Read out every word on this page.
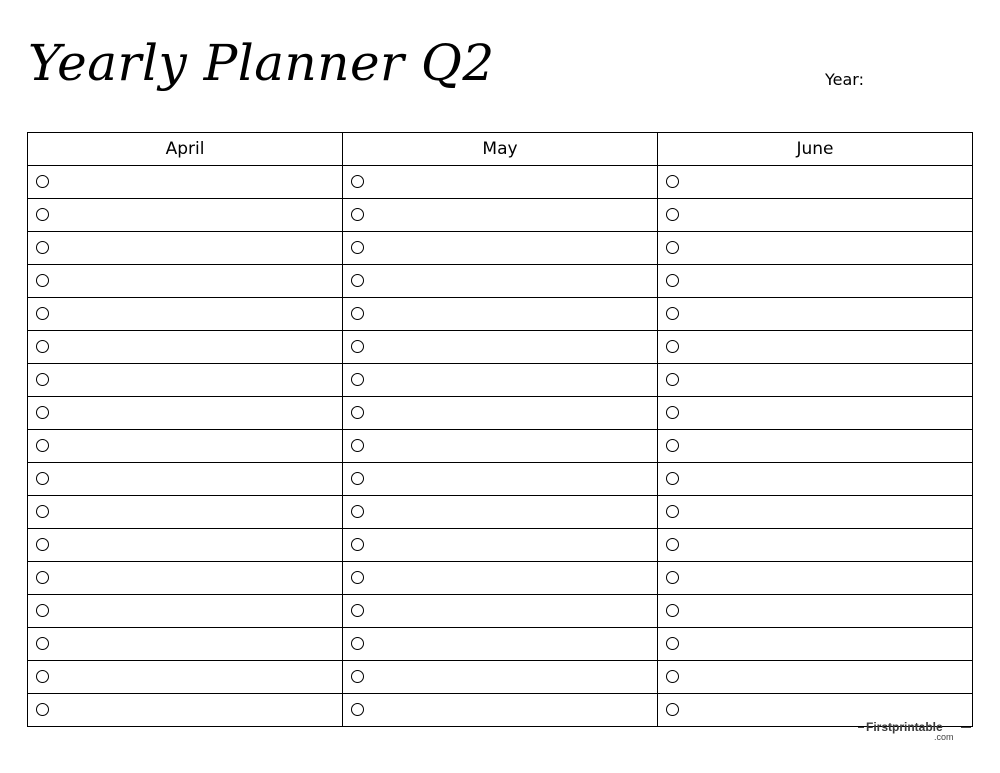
Yearly Planner Q2	Year:
April	May	June

Firstprintable
.com
